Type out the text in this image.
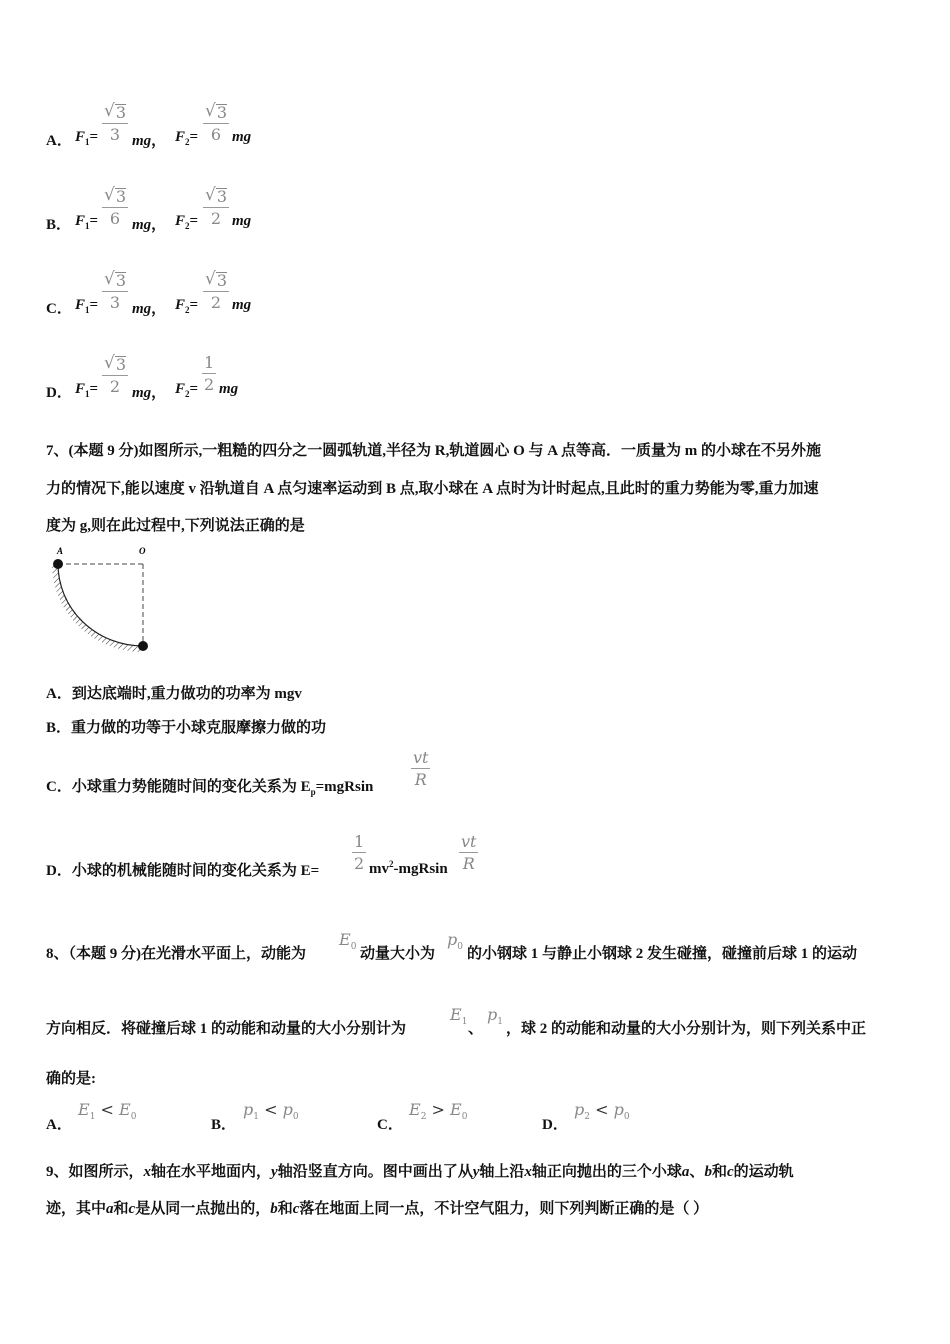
A． $F_1=$
√ 3
3 mg， $F_2=$
√ 3
6 mg
B． $F_1=$
√ 3
6 mg， $F_2=$
√ 3
2 mg
C． $F_1=$
√ 3
3 mg， $F_2=$
√ 3
2 mg
D． $F_1=$
√ 3
2 mg， $F_2=$
1
2 mg
7、(本题 9 分)如图所示,一粗糙的四分之一圆弧轨道,半径为 R,轨道圆心 O 与 A 点等高．一质量为 m 的小球在不另外施
力的情况下,能以速度 v 沿轨道自 A 点匀速率运动到 B 点,取小球在 A 点时为计时起点,且此时的重力势能为零,重力加速
度为 g,则在此过程中,下列说法正确的是
A	O
A．到达底端时,重力做功的功率为 mgv
B．重力做的功等于小球克服摩擦力做的功
C．小球重力势能随时间的变化关系为 $E_p=mgRsin$
vt
R
D．小球的机械能随时间的变化关系为 E=
1
2 $mv^2$-mgRsin
vt
R
8、（本题 9 分)在光滑水平面上，动能为
$E_0$ 动量大小为
$p_0$ 的小钢球 1 与静止小钢球 2 发生碰撞，碰撞前后球 1 的运动
方向相反．将碰撞后球 1 的动能和动量的大小分别计为
$E_1$ 、
$p_1$ ，球 2 的动能和动量的大小分别计为，则下列关系中正
确的是:
A．
$E_1 < E_0$	B．
$p_1 < p_0$	C．
$E_2 > E_0$	D．
$p_2 < p_0$
9、如图所示，x轴在水平地面内，y轴沿竖直方向。图中画出了从y轴上沿x轴正向抛出的三个小球a、b和c的运动轨
迹，其中a和c是从同一点抛出的，b和c落在地面上同一点，不计空气阻力，则下列判断正确的是（ ）
